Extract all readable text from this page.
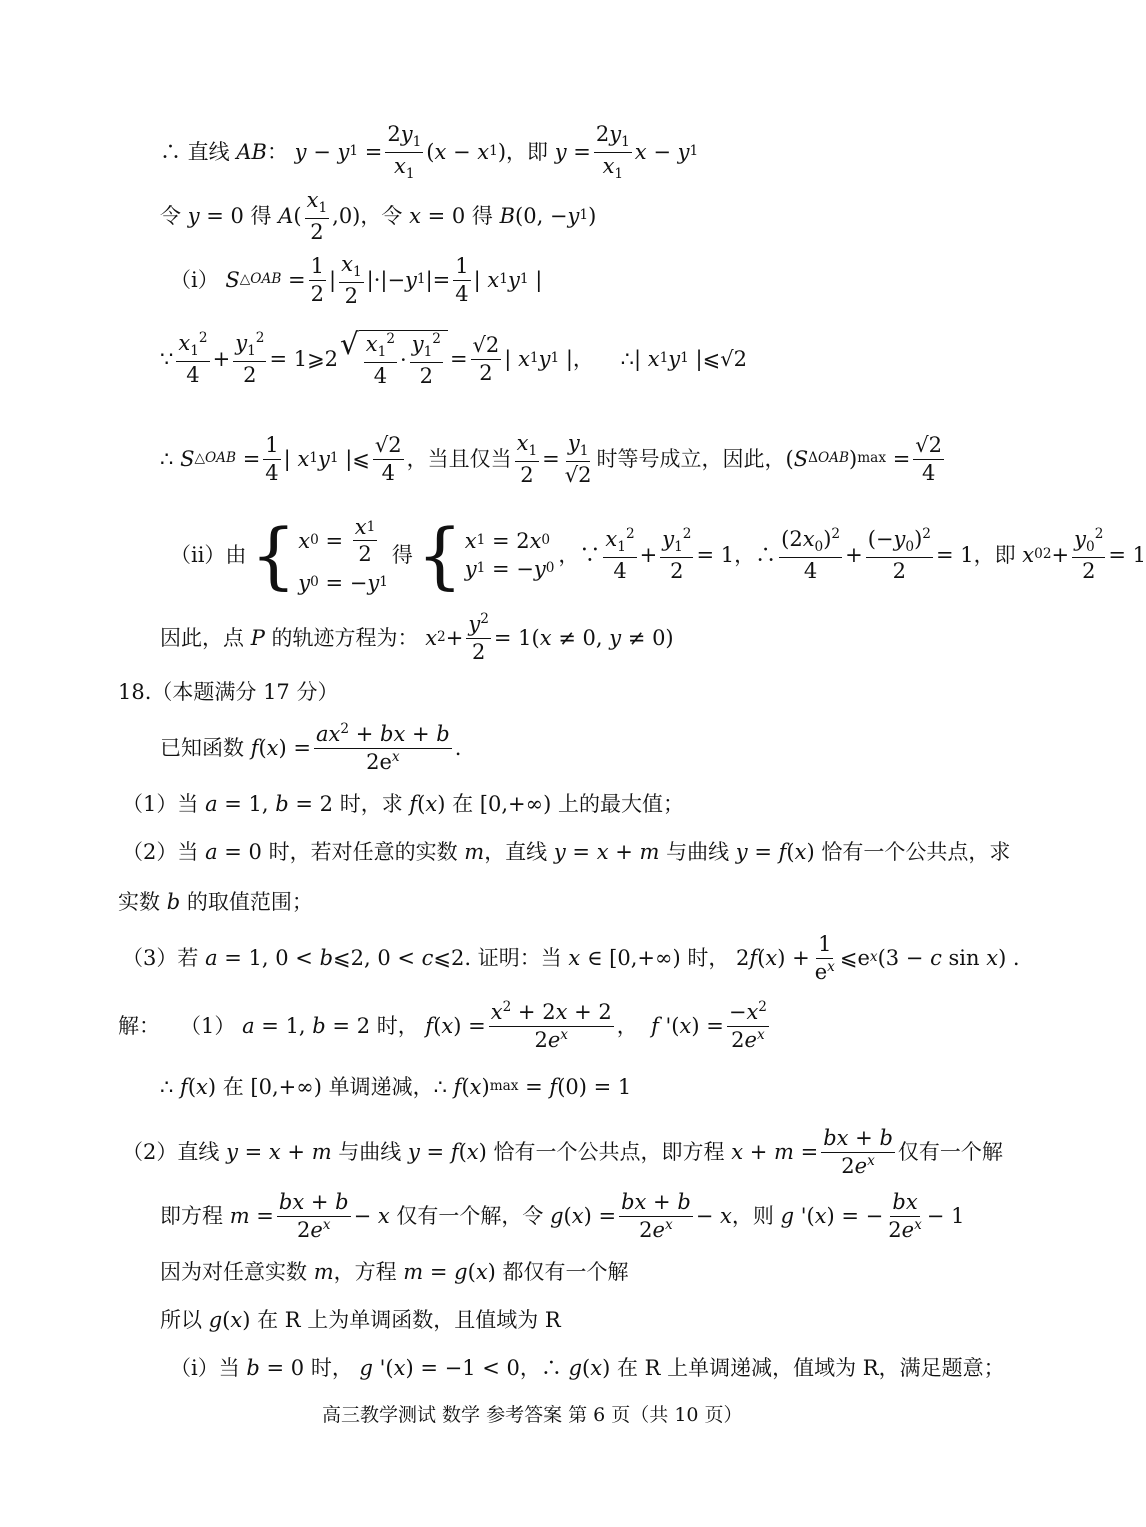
∴ 直线
AB ：
y − y $1 = \frac{2y_1}{x_1}$ ( x − x 1 ) ，即
$y = \frac{2y_1}{x_1}$ x − y 1
令
y = 0 得
A ( $\frac{x_1}{2} ,0$) ，令
x = 0 得
B (0, − y 1 )
（i）
S △OAB = $\frac{1}{2}$ | $\frac{x_1}{2}$ |·|− y 1 |= $\frac{1}{4}$ | x 1 y 1 |
∵ $\frac{x_1^2}{4} + \frac{y_1^2}{2}$ = 1⩾2 √ $\frac{x_1^2}{4} \cdot \frac{y_1^2}{2} = \frac{√2}{2}$ | x 1 y 1 |， ∴ | x 1 y 1 |⩽√2
∴
S △OAB = $\frac{1}{4}$ | x 1 y 1 |⩽ $\frac{√2}{4}$ ，当且仅当 $\frac{x_1}{2} = \frac{y_1}{√2}$ 时等号成立，因此， ( S ΔOAB ) $\max = \frac{√2}{4}$
（ii）由 { x $0 = \frac{x 1}{2}$
y 0 = − y 1
得 { x 1 = 2 x 0
y 1 = − y 0
，∵ $\frac{x_1^2}{4} + \frac{y_1^2}{2} = 1$，∴ $\frac{(2x_0)^2}{4} + \frac{(-y_0)^2}{2} = 1$ ，即
x 0 $2 + \frac{y_0^2}{2} = 1$
因此，点
P
的轨迹方程为：
x $2 + \frac{y^2}{2} = 1$( x ≠ 0, y ≠ 0)
18.（本题满分 17 分）
已知函数
f ( x ) = $\frac{ax^2 + bx + b}{2e^x}$ .
（1）当
a = 1, b = 2 时，求
f ( x ) 在 [0,+∞) 上的最大值；
（2）当
a = 0 时，若对任意的实数
m ，直线
y = x + m
与曲线
y = f ( x ) 恰有一个公共点，求
实数
b
的取值范围；
（3）若
a = 1, 0 < b ⩽2, 0 < c ⩽2 . 证明：当
x ∈ [0,+∞) 时， 2 f ( x ) + $\frac{1}{e^x}$ ⩽e x (3 − c sin x ) .
解：
（1）
a = 1, b = 2 时，
f ( x ) = $\frac{x^2 + 2x + 2}{2e^x}$ ，
f '( x ) = $\frac{-x^2}{2e^x}$
∴ f ( x ) 在 [0,+∞) 单调递减， ∴ f ( x ) max = f (0) = 1
（2）直线
y = x + m
与曲线
y = f ( x ) 恰有一个公共点，即方程
$x + m = \frac{bx + b}{2e^x}$ 仅有一个解
即方程
$m = \frac{bx + b}{2e^x} - x$
仅有一个解，令
g ( x ) = $\frac{bx + b}{2e^x} - x$ ，则
g '( x ) = − $\frac{bx}{2e^x} - 1$
因为对任意实数
m ，方程
m = g ( x ) 都仅有一个解
所以
g ( x ) 在 R 上为单调函数，且值域为 R
（i）当
b = 0 时，
g '( x ) = −1 < 0，∴ g ( x ) 在 R 上单调递减，值域为 R，满足题意；
高三教学测试 数学 参考答案 第 6 页（共 10 页）
